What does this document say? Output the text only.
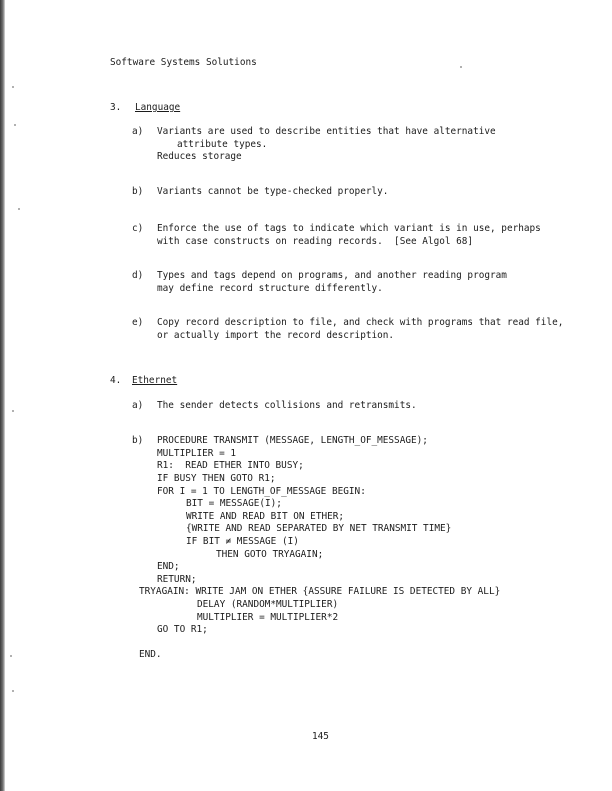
Software Systems Solutions
3. Language
a) Variants are used to describe entities that have alternative
attribute types.
Reduces storage
b) Variants cannot be type-checked properly.
c) Enforce the use of tags to indicate which variant is in use, perhaps
with case constructs on reading records.  [See Algol 68]
d) Types and tags depend on programs, and another reading program
may define record structure differently.
e) Copy record description to file, and check with programs that read file,
or actually import the record description.
4. Ethernet
a) The sender detects collisions and retransmits.
b) PROCEDURE TRANSMIT (MESSAGE, LENGTH_OF_MESSAGE);
MULTIPLIER = 1
R1:  READ ETHER INTO BUSY;
IF BUSY THEN GOTO R1;
FOR I = 1 TO LENGTH_OF_MESSAGE BEGIN:
BIT = MESSAGE(I);
WRITE AND READ BIT ON ETHER;
{WRITE AND READ SEPARATED BY NET TRANSMIT TIME}
IF BIT ≠ MESSAGE (I)
THEN GOTO TRYAGAIN;
END;
RETURN;
TRYAGAIN: WRITE JAM ON ETHER {ASSURE FAILURE IS DETECTED BY ALL}
DELAY (RANDOM*MULTIPLIER)
MULTIPLIER = MULTIPLIER*2
GO TO R1;
END.
145
